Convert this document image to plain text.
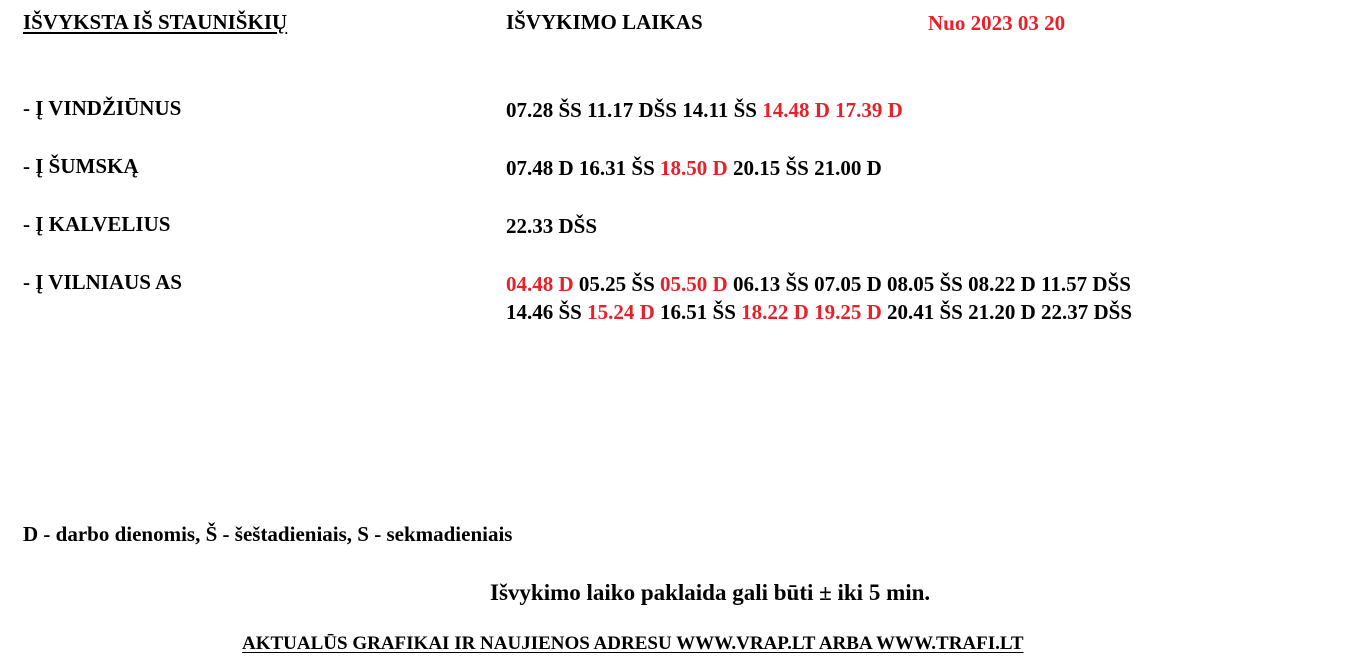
IŠVYKSTA IŠ STAUNIŠKIŲ	IŠVYKIMO LAIKAS	Nuo 2023 03 20
- Į VINDŽIŪNUS	07.28 ŠS 11.17 DŠS 14.11 ŠS 14.48 D 17.39 D
- Į ŠUMSKĄ	07.48 D 16.31 ŠS 18.50 D 20.15 ŠS 21.00 D
- Į KALVELIUS	22.33 DŠS
- Į VILNIAUS AS	04.48 D 05.25 ŠS 05.50 D 06.13 ŠS 07.05 D 08.05 ŠS 08.22 D 11.57 DŠS
14.46 ŠS 15.24 D 16.51 ŠS 18.22 D 19.25 D 20.41 ŠS 21.20 D 22.37 DŠS
D - darbo dienomis, Š - šeštadieniais, S - sekmadieniais
Išvykimo laiko paklaida gali būti ± iki 5 min.
AKTUALŪS GRAFIKAI IR NAUJIENOS ADRESU WWW.VRAP.LT ARBA WWW.TRAFI.LT
